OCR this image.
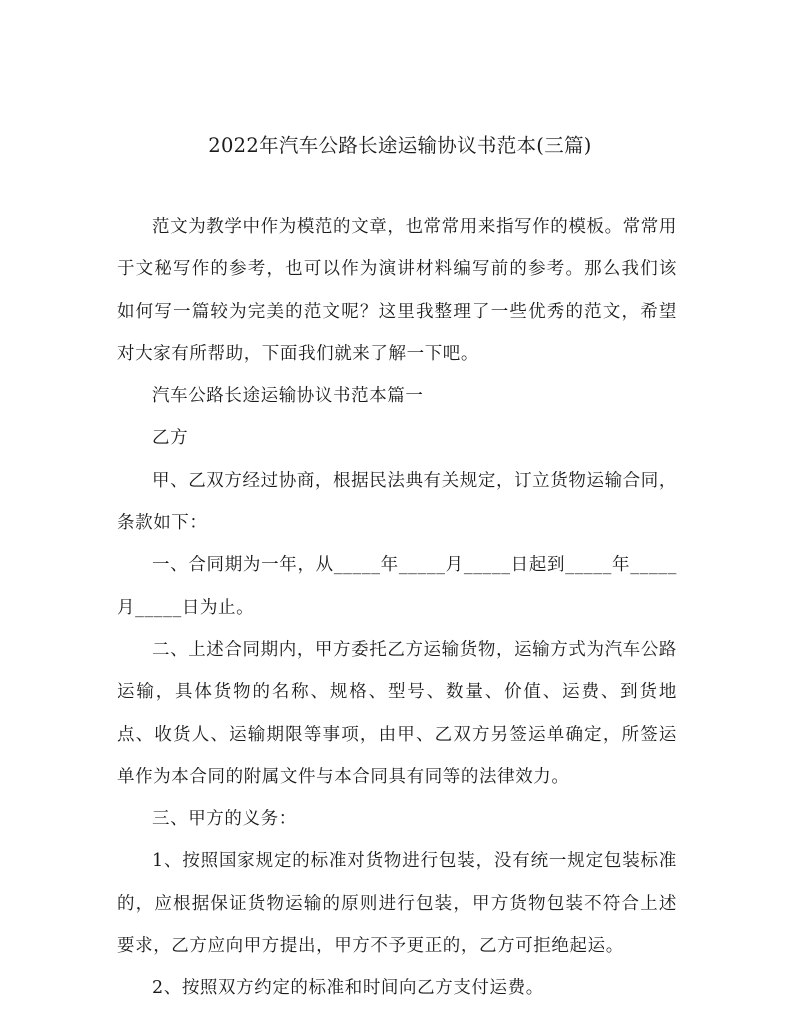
2022年汽车公路长途运输协议书范本(三篇)

范文为教学中作为模范的文章，也常常用来指写作的模板。常常用于文秘写作的参考，也可以作为演讲材料编写前的参考。那么我们该如何写一篇较为完美的范文呢？这里我整理了一些优秀的范文，希望对大家有所帮助，下面我们就来了解一下吧。

汽车公路长途运输协议书范本篇一

乙方

甲、乙双方经过协商，根据民法典有关规定，订立货物运输合同，条款如下：

一、合同期为一年，从_____年_____月_____日起到_____年_____月_____日为止。

二、上述合同期内，甲方委托乙方运输货物，运输方式为汽车公路运输，具体货物的名称、规格、型号、数量、价值、运费、到货地点、收货人、运输期限等事项，由甲、乙双方另签运单确定，所签运单作为本合同的附属文件与本合同具有同等的法律效力。

三、甲方的义务：

1、按照国家规定的标准对货物进行包装，没有统一规定包装标准的，应根据保证货物运输的原则进行包装，甲方货物包装不符合上述要求，乙方应向甲方提出，甲方不予更正的，乙方可拒绝起运。

2、按照双方约定的标准和时间向乙方支付运费。
